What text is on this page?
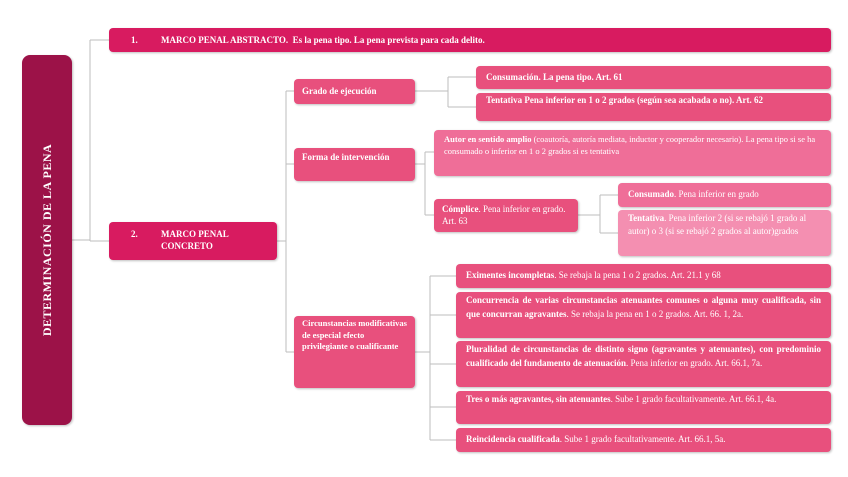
DETERMINACIÓN DE LA PENA
1.	MARCO PENAL ABSTRACTO. Es la pena tipo. La pena prevista para cada delito.
2.	MARCO PENAL
CONCRETO
Grado de ejecución
Forma de intervención
Circunstancias modificativas de especial efecto privilegiante o cualificante
Consumación. La pena tipo. Art. 61
Tentativa Pena inferior en 1 o 2 grados (según sea acabada o no). Art. 62
Autor en sentido amplio (coautoría, autoría mediata, inductor y cooperador necesario). La pena tipo si se ha consumado o inferior en 1 o 2 grados si es tentativa
Cómplice. Pena inferior en grado. Art. 63
Consumado. Pena inferior en grado
Tentativa. Pena inferior 2 (si se rebajó 1 grado al autor) o 3 (si se rebajó 2 grados al autor)grados
Eximentes incompletas. Se rebaja la pena 1 o 2 grados. Art. 21.1 y 68
Concurrencia de varias circunstancias atenuantes comunes o alguna muy cualificada, sin que concurran agravantes. Se rebaja la pena en 1 o 2 grados. Art. 66. 1, 2a.
Pluralidad de circunstancias de distinto signo (agravantes y atenuantes), con predominio cualificado del fundamento de atenuación. Pena inferior en grado. Art. 66.1, 7a.
Tres o más agravantes, sin atenuantes. Sube 1 grado facultativamente. Art. 66.1, 4a.
Reincidencia cualificada. Sube 1 grado facultativamente. Art. 66.1, 5a.
